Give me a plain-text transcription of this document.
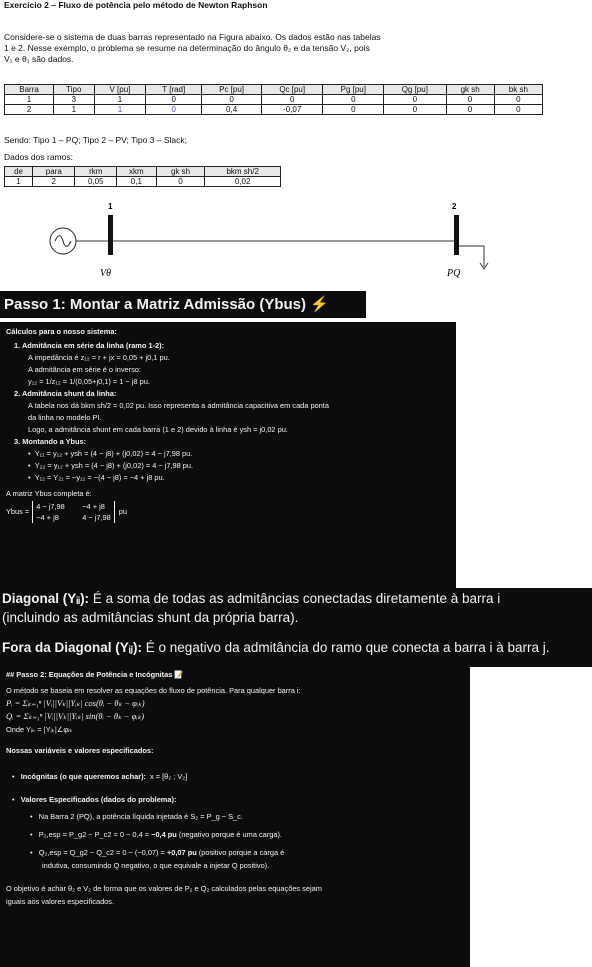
Exercício 2 – Fluxo de potência pelo método de Newton Raphson
Considere-se o sistema de duas barras representado na Figura abaixo. Os dados estão nas tabelas
1 e 2. Nesse exemplo, o problema se resume na determinação do ângulo θ₂ e da tensão V₂, pois
V₁ e θ₁ são dados.
Barra	Tipo	V [pu]	T [rad]	Pc [pu]	Qc [pu]	Pg [pu]	Qg [pu]	gk sh	bk sh
1	3	1	0	0	0	0	0	0	0
2	1	1	0	0,4	-0,07	0	0	0	0
Sendo: Tipo 1 – PQ; Tipo 2 – PV; Tipo 3 – Slack;
Dados dos ramos:
de	para	rkm	xkm	gk sh	bkm sh/2
1	2	0,05	0,1	0	0,02
1	2
Vθ	PQ
Passo 1: Montar a Matriz Admissão (Ybus) ⚡
Cálculos para o nosso sistema:
1. Admitância em série da linha (ramo 1-2):
A impedância é z₁₂ = r + jx = 0,05 + j0,1 pu.
A admitância em série é o inverso:
y₁₂ = 1/z₁₂ = 1/(0,05+j0,1) = 1 − j8 pu.
2. Admitância shunt da linha:
A tabela nos dá bkm sh/2 = 0,02 pu. Isso representa a admitância capacitiva em cada ponta
da linha no modelo PI.
Logo, a admitância shunt em cada barra (1 e 2) devido à linha é ysh = j0,02 pu.
3. Montando a Ybus:
•  Y₁₁ = y₁₂ + ysh = (4 − j8) + (j0,02) = 4 − j7,98 pu.
•  Y₂₂ = y₁₂ + ysh = (4 − j8) + (j0,02) = 4 − j7,98 pu.
•  Y₁₂ = Y₂₁ = −y₁₂ = −(4 − j8) = −4 + j8 pu.
A matriz Ybus completa é:
Ybus =
4 − j7,98 −4 + j8
−4 + j8	4 − j7,98
pu
Diagonal (Yᵢᵢ): É a soma de todas as admitâncias conectadas diretamente à barra i
(incluindo as admitâncias shunt da própria barra).
Fora da Diagonal (Yᵢⱼ): É o negativo da admitância do ramo que conecta a barra i à barra j.
## Passo 2: Equações de Potência e Incógnitas 📝
O método se baseia em resolver as equações do fluxo de potência. Para qualquer barra i:
Pᵢ = Σₖ₌₁ⁿ |Vᵢ||Vₖ||Yᵢₖ| cos(θᵢ − θₖ − φᵢₖ)
Qᵢ = Σₖ₌₁ⁿ |Vᵢ||Vₖ||Yᵢₖ| sin(θᵢ − θₖ − φᵢₖ)
Onde Yᵢₖ = |Yᵢₖ|∠φᵢₖ
Nossas variáveis e valores especificados:
• Incógnitas (o que queremos achar): x = [θ₂ ; V₂]
•   Valores Especificados (dados do problema):
•   Na Barra 2 (PQ), a potência líquida injetada é S₂ = P_g − S_c.
•   P₂,esp = P_g2 − P_c2 = 0 − 0,4 = −0,4 pu (negativo porque é uma carga).
•   Q₂,esp = Q_g2 − Q_c2 = 0 − (−0,07) = +0,07 pu (positivo porque a carga é
indutiva, consumindo Q negativo, o que equivale a injetar Q positivo).
O objetivo é achar θ₂ e V₂ de forma que os valores de P₂ e Q₂ calculados pelas equações sejam
iguais aos valores especificados.
